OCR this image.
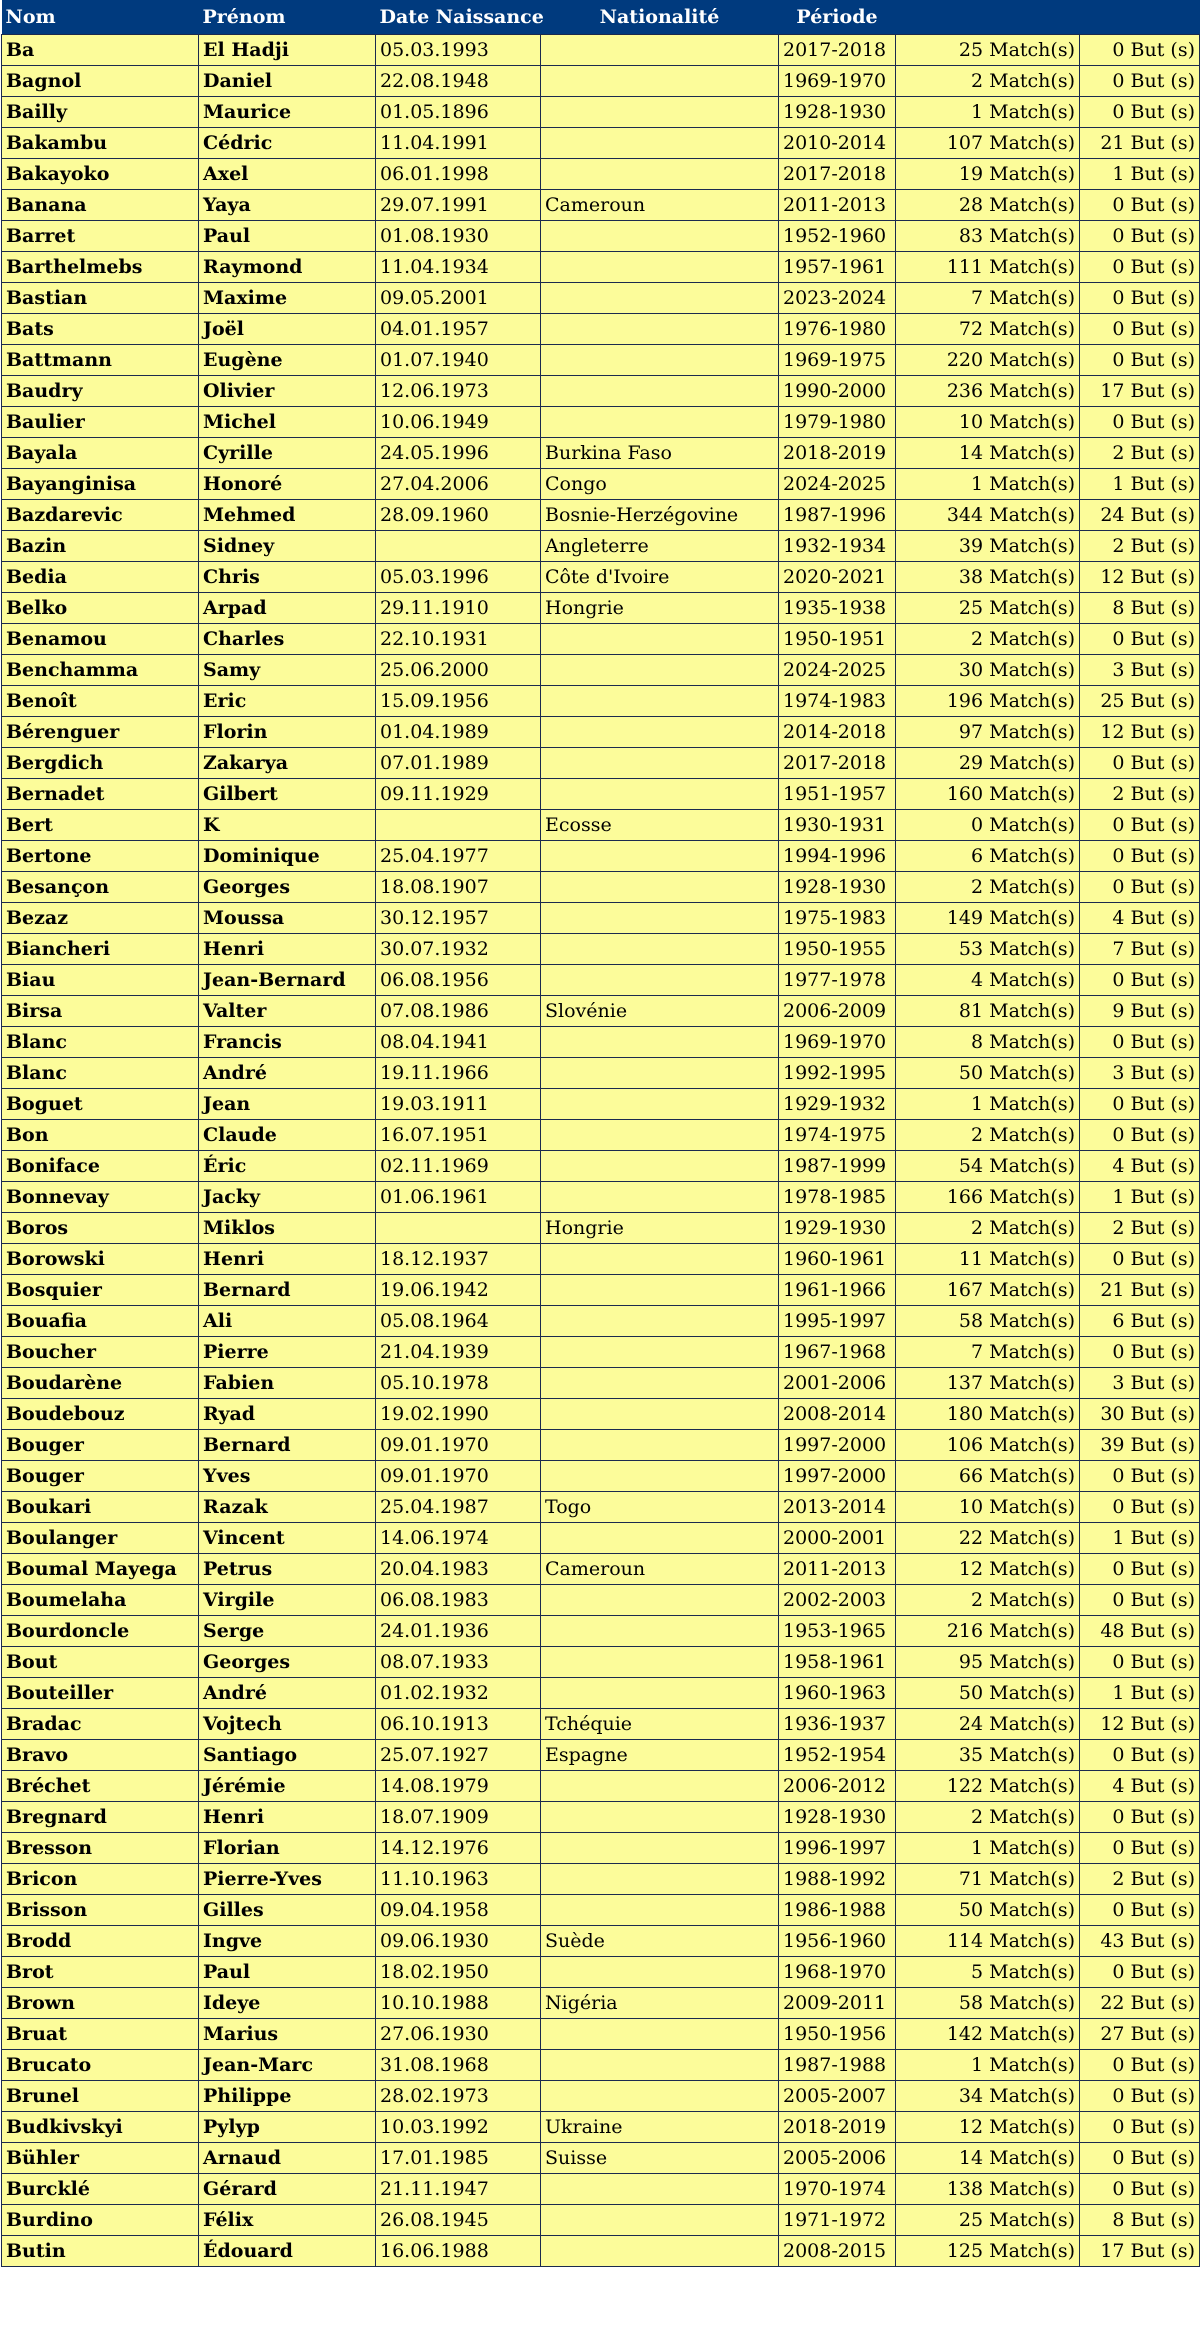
Nom	Prénom	Date Naissance	Nationalité	Période		
Ba	El Hadji	05.03.1993		2017-2018	25 Match(s)	0 But (s)
Bagnol	Daniel	22.08.1948		1969-1970	2 Match(s)	0 But (s)
Bailly	Maurice	01.05.1896		1928-1930	1 Match(s)	0 But (s)
Bakambu	Cédric	11.04.1991		2010-2014	107 Match(s)	21 But (s)
Bakayoko	Axel	06.01.1998		2017-2018	19 Match(s)	1 But (s)
Banana	Yaya	29.07.1991	Cameroun	2011-2013	28 Match(s)	0 But (s)
Barret	Paul	01.08.1930		1952-1960	83 Match(s)	0 But (s)
Barthelmebs	Raymond	11.04.1934		1957-1961	111 Match(s)	0 But (s)
Bastian	Maxime	09.05.2001		2023-2024	7 Match(s)	0 But (s)
Bats	Joël	04.01.1957		1976-1980	72 Match(s)	0 But (s)
Battmann	Eugène	01.07.1940		1969-1975	220 Match(s)	0 But (s)
Baudry	Olivier	12.06.1973		1990-2000	236 Match(s)	17 But (s)
Baulier	Michel	10.06.1949		1979-1980	10 Match(s)	0 But (s)
Bayala	Cyrille	24.05.1996	Burkina Faso	2018-2019	14 Match(s)	2 But (s)
Bayanginisa	Honoré	27.04.2006	Congo	2024-2025	1 Match(s)	1 But (s)
Bazdarevic	Mehmed	28.09.1960	Bosnie-Herzégovine	1987-1996	344 Match(s)	24 But (s)
Bazin	Sidney		Angleterre	1932-1934	39 Match(s)	2 But (s)
Bedia	Chris	05.03.1996	Côte d'Ivoire	2020-2021	38 Match(s)	12 But (s)
Belko	Arpad	29.11.1910	Hongrie	1935-1938	25 Match(s)	8 But (s)
Benamou	Charles	22.10.1931		1950-1951	2 Match(s)	0 But (s)
Benchamma	Samy	25.06.2000		2024-2025	30 Match(s)	3 But (s)
Benoît	Eric	15.09.1956		1974-1983	196 Match(s)	25 But (s)
Bérenguer	Florin	01.04.1989		2014-2018	97 Match(s)	12 But (s)
Bergdich	Zakarya	07.01.1989		2017-2018	29 Match(s)	0 But (s)
Bernadet	Gilbert	09.11.1929		1951-1957	160 Match(s)	2 But (s)
Bert	K		Ecosse	1930-1931	0 Match(s)	0 But (s)
Bertone	Dominique	25.04.1977		1994-1996	6 Match(s)	0 But (s)
Besançon	Georges	18.08.1907		1928-1930	2 Match(s)	0 But (s)
Bezaz	Moussa	30.12.1957		1975-1983	149 Match(s)	4 But (s)
Biancheri	Henri	30.07.1932		1950-1955	53 Match(s)	7 But (s)
Biau	Jean-Bernard	06.08.1956		1977-1978	4 Match(s)	0 But (s)
Birsa	Valter	07.08.1986	Slovénie	2006-2009	81 Match(s)	9 But (s)
Blanc	Francis	08.04.1941		1969-1970	8 Match(s)	0 But (s)
Blanc	André	19.11.1966		1992-1995	50 Match(s)	3 But (s)
Boguet	Jean	19.03.1911		1929-1932	1 Match(s)	0 But (s)
Bon	Claude	16.07.1951		1974-1975	2 Match(s)	0 But (s)
Boniface	Éric	02.11.1969		1987-1999	54 Match(s)	4 But (s)
Bonnevay	Jacky	01.06.1961		1978-1985	166 Match(s)	1 But (s)
Boros	Miklos		Hongrie	1929-1930	2 Match(s)	2 But (s)
Borowski	Henri	18.12.1937		1960-1961	11 Match(s)	0 But (s)
Bosquier	Bernard	19.06.1942		1961-1966	167 Match(s)	21 But (s)
Bouafia	Ali	05.08.1964		1995-1997	58 Match(s)	6 But (s)
Boucher	Pierre	21.04.1939		1967-1968	7 Match(s)	0 But (s)
Boudarène	Fabien	05.10.1978		2001-2006	137 Match(s)	3 But (s)
Boudebouz	Ryad	19.02.1990		2008-2014	180 Match(s)	30 But (s)
Bouger	Bernard	09.01.1970		1997-2000	106 Match(s)	39 But (s)
Bouger	Yves	09.01.1970		1997-2000	66 Match(s)	0 But (s)
Boukari	Razak	25.04.1987	Togo	2013-2014	10 Match(s)	0 But (s)
Boulanger	Vincent	14.06.1974		2000-2001	22 Match(s)	1 But (s)
Boumal Mayega	Petrus	20.04.1983	Cameroun	2011-2013	12 Match(s)	0 But (s)
Boumelaha	Virgile	06.08.1983		2002-2003	2 Match(s)	0 But (s)
Bourdoncle	Serge	24.01.1936		1953-1965	216 Match(s)	48 But (s)
Bout	Georges	08.07.1933		1958-1961	95 Match(s)	0 But (s)
Bouteiller	André	01.02.1932		1960-1963	50 Match(s)	1 But (s)
Bradac	Vojtech	06.10.1913	Tchéquie	1936-1937	24 Match(s)	12 But (s)
Bravo	Santiago	25.07.1927	Espagne	1952-1954	35 Match(s)	0 But (s)
Bréchet	Jérémie	14.08.1979		2006-2012	122 Match(s)	4 But (s)
Bregnard	Henri	18.07.1909		1928-1930	2 Match(s)	0 But (s)
Bresson	Florian	14.12.1976		1996-1997	1 Match(s)	0 But (s)
Bricon	Pierre-Yves	11.10.1963		1988-1992	71 Match(s)	2 But (s)
Brisson	Gilles	09.04.1958		1986-1988	50 Match(s)	0 But (s)
Brodd	Ingve	09.06.1930	Suède	1956-1960	114 Match(s)	43 But (s)
Brot	Paul	18.02.1950		1968-1970	5 Match(s)	0 But (s)
Brown	Ideye	10.10.1988	Nigéria	2009-2011	58 Match(s)	22 But (s)
Bruat	Marius	27.06.1930		1950-1956	142 Match(s)	27 But (s)
Brucato	Jean-Marc	31.08.1968		1987-1988	1 Match(s)	0 But (s)
Brunel	Philippe	28.02.1973		2005-2007	34 Match(s)	0 But (s)
Budkivskyi	Pylyp	10.03.1992	Ukraine	2018-2019	12 Match(s)	0 But (s)
Bühler	Arnaud	17.01.1985	Suisse	2005-2006	14 Match(s)	0 But (s)
Burcklé	Gérard	21.11.1947		1970-1974	138 Match(s)	0 But (s)
Burdino	Félix	26.08.1945		1971-1972	25 Match(s)	8 But (s)
Butin	Édouard	16.06.1988		2008-2015	125 Match(s)	17 But (s)
